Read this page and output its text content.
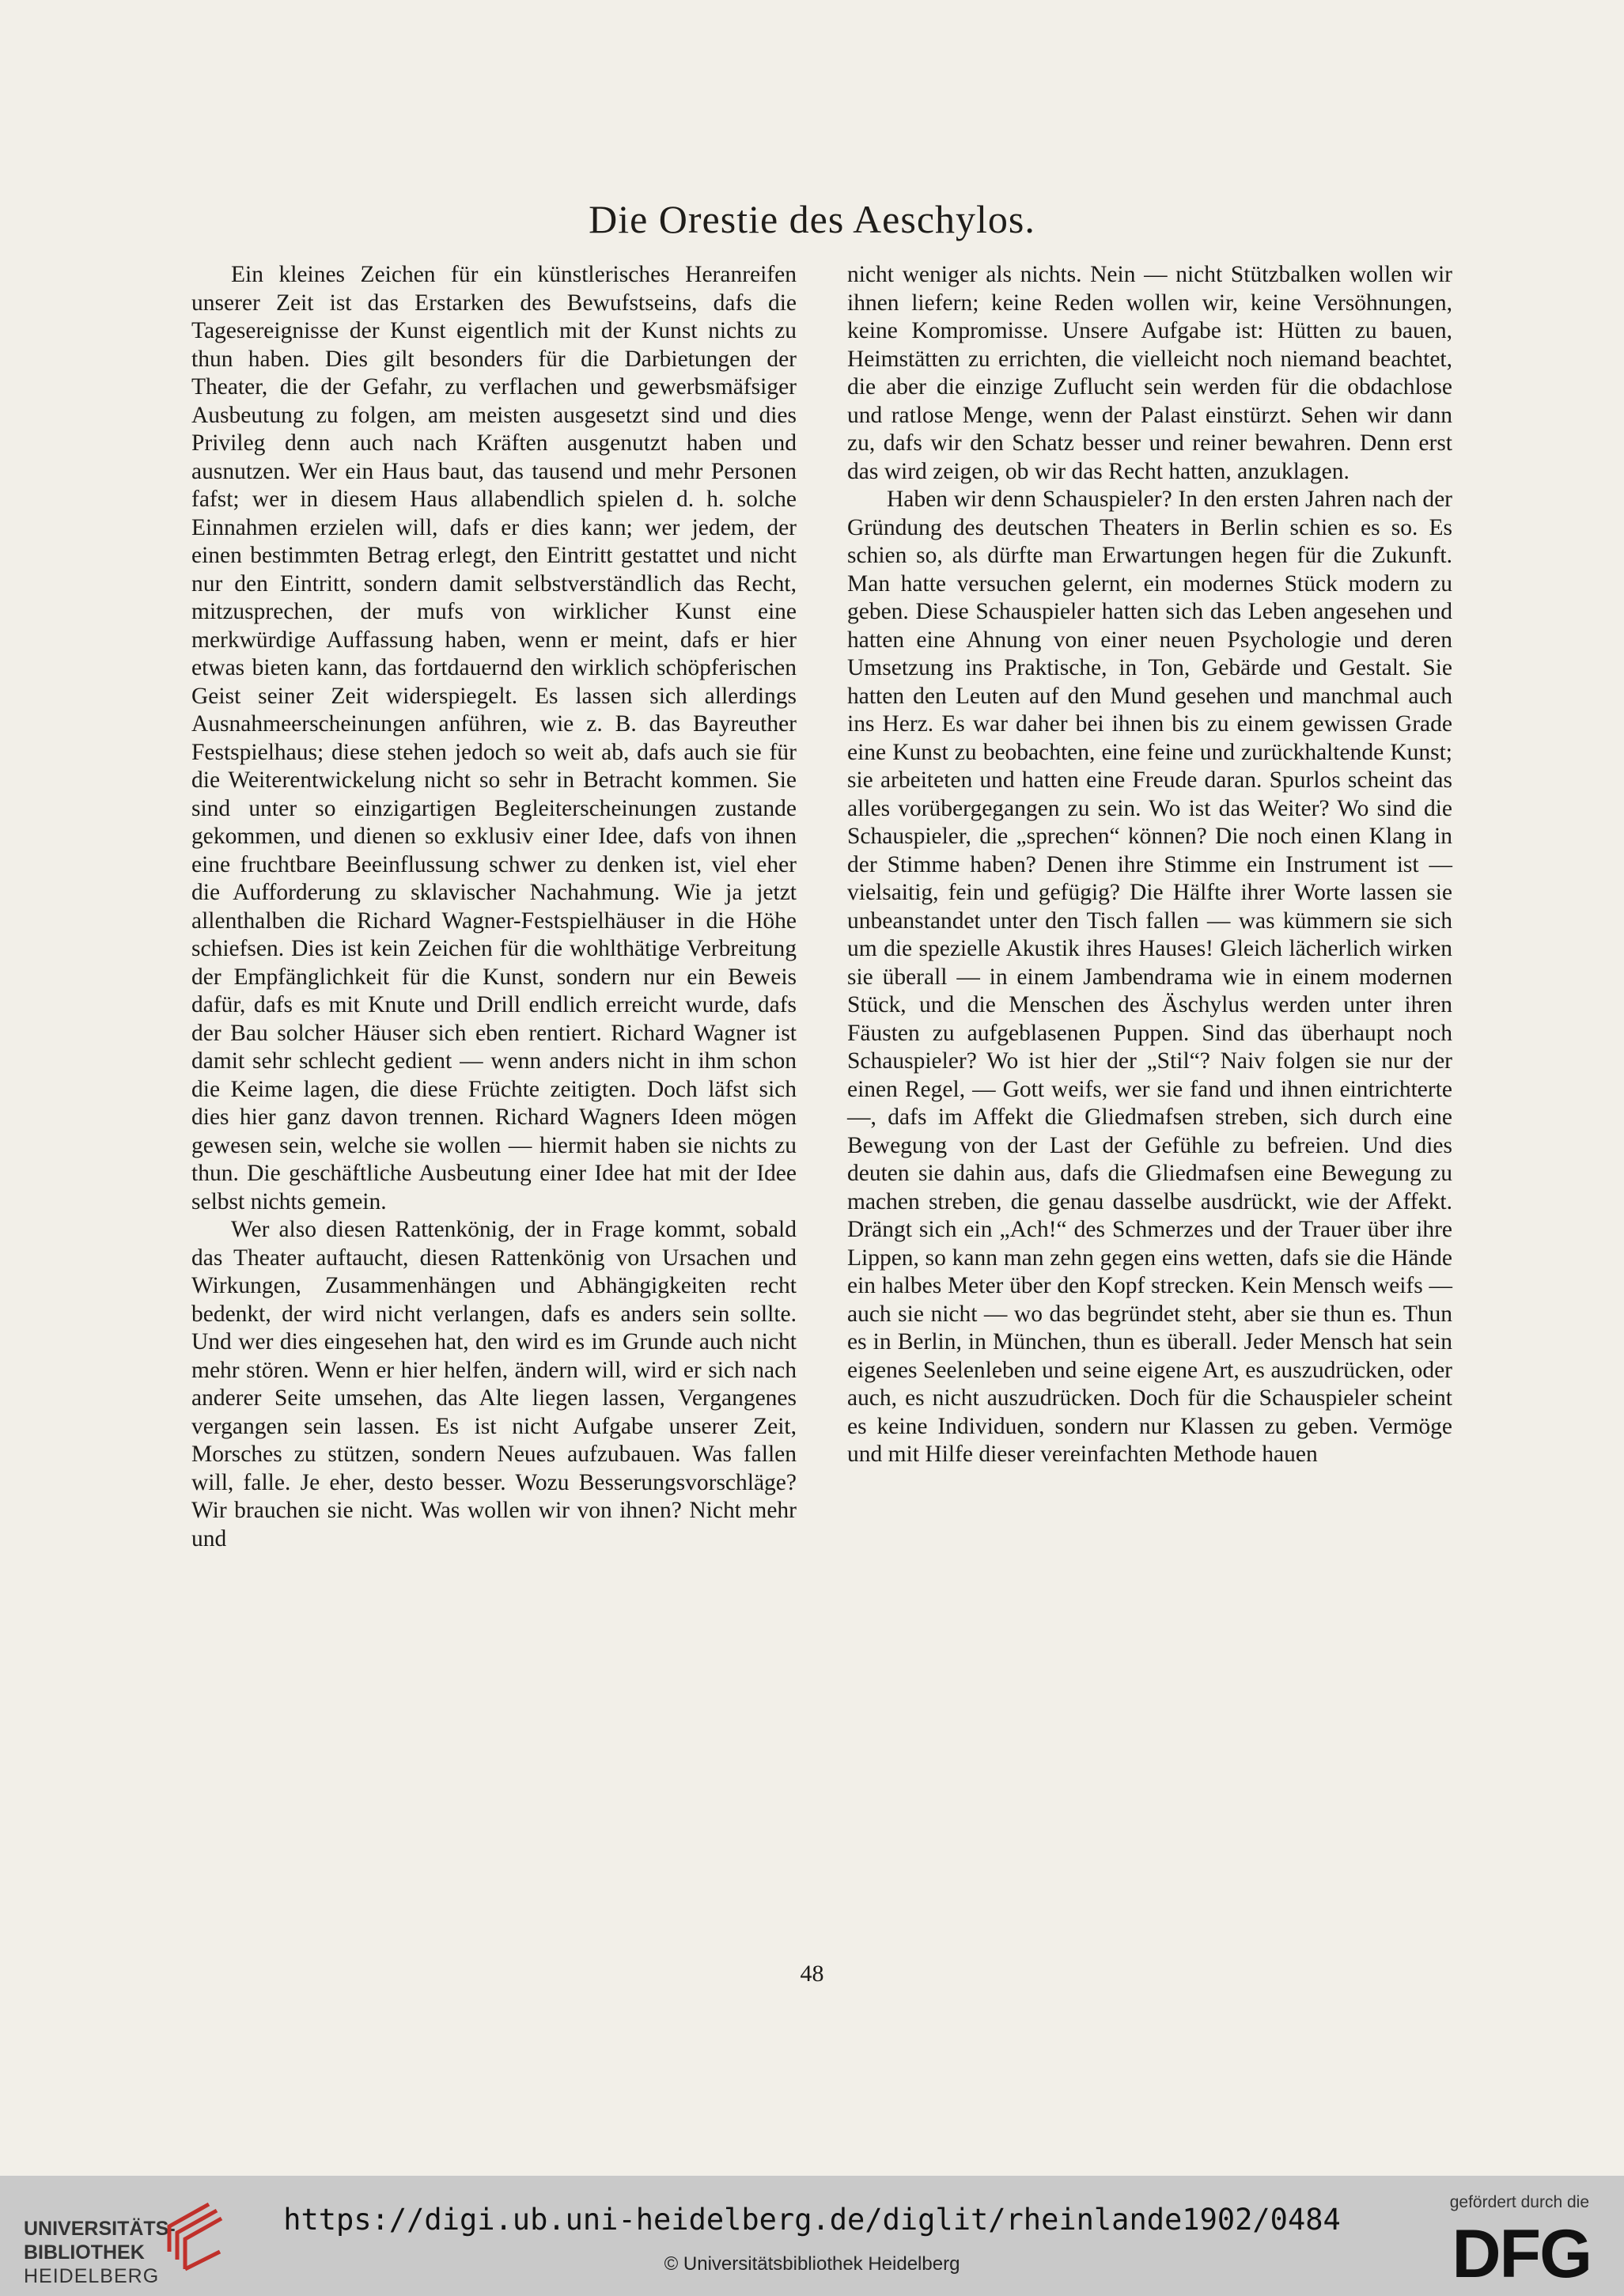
Die Orestie des Aeschylos.

Ein kleines Zeichen für ein künstlerisches Heranreifen unserer Zeit ist das Erstarken des Bewufstseins, dafs die Tagesereignisse der Kunst eigentlich mit der Kunst nichts zu thun haben. Dies gilt besonders für die Darbietungen der Theater, die der Gefahr, zu verflachen und gewerbsmäfsiger Ausbeutung zu folgen, am meisten ausgesetzt sind und dies Privileg denn auch nach Kräften ausgenutzt haben und ausnutzen. Wer ein Haus baut, das tausend und mehr Personen fafst; wer in diesem Haus allabendlich spielen d. h. solche Einnahmen erzielen will, dafs er dies kann; wer jedem, der einen bestimmten Betrag erlegt, den Eintritt gestattet und nicht nur den Eintritt, sondern damit selbstverständlich das Recht, mitzusprechen, der mufs von wirklicher Kunst eine merkwürdige Auffassung haben, wenn er meint, dafs er hier etwas bieten kann, das fortdauernd den wirklich schöpferischen Geist seiner Zeit widerspiegelt. Es lassen sich allerdings Ausnahmeerscheinungen anführen, wie z. B. das Bayreuther Festspielhaus; diese stehen jedoch so weit ab, dafs auch sie für die Weiterentwickelung nicht so sehr in Betracht kommen. Sie sind unter so einzigartigen Begleiterscheinungen zustande gekommen, und dienen so exklusiv einer Idee, dafs von ihnen eine fruchtbare Beeinflussung schwer zu denken ist, viel eher die Aufforderung zu sklavischer Nachahmung. Wie ja jetzt allenthalben die Richard Wagner-Festspielhäuser in die Höhe schiefsen. Dies ist kein Zeichen für die wohlthätige Verbreitung der Empfänglichkeit für die Kunst, sondern nur ein Beweis dafür, dafs es mit Knute und Drill endlich erreicht wurde, dafs der Bau solcher Häuser sich eben rentiert. Richard Wagner ist damit sehr schlecht gedient — wenn anders nicht in ihm schon die Keime lagen, die diese Früchte zeitigten. Doch läfst sich dies hier ganz davon trennen. Richard Wagners Ideen mögen gewesen sein, welche sie wollen — hiermit haben sie nichts zu thun. Die geschäftliche Ausbeutung einer Idee hat mit der Idee selbst nichts gemein.

Wer also diesen Rattenkönig, der in Frage kommt, sobald das Theater auftaucht, diesen Rattenkönig von Ursachen und Wirkungen, Zusammenhängen und Abhängigkeiten recht bedenkt, der wird nicht verlangen, dafs es anders sein sollte. Und wer dies eingesehen hat, den wird es im Grunde auch nicht mehr stören. Wenn er hier helfen, ändern will, wird er sich nach anderer Seite umsehen, das Alte liegen lassen, Vergangenes vergangen sein lassen. Es ist nicht Aufgabe unserer Zeit, Morsches zu stützen, sondern Neues aufzubauen. Was fallen will, falle. Je eher, desto besser. Wozu Besserungsvorschläge? Wir brauchen sie nicht. Was wollen wir von ihnen? Nicht mehr und

nicht weniger als nichts. Nein — nicht Stützbalken wollen wir ihnen liefern; keine Reden wollen wir, keine Versöhnungen, keine Kompromisse. Unsere Aufgabe ist: Hütten zu bauen, Heimstätten zu errichten, die vielleicht noch niemand beachtet, die aber die einzige Zuflucht sein werden für die obdachlose und ratlose Menge, wenn der Palast einstürzt. Sehen wir dann zu, dafs wir den Schatz besser und reiner bewahren. Denn erst das wird zeigen, ob wir das Recht hatten, anzuklagen.

Haben wir denn Schauspieler? In den ersten Jahren nach der Gründung des deutschen Theaters in Berlin schien es so. Es schien so, als dürfte man Erwartungen hegen für die Zukunft. Man hatte versuchen gelernt, ein modernes Stück modern zu geben. Diese Schauspieler hatten sich das Leben angesehen und hatten eine Ahnung von einer neuen Psychologie und deren Umsetzung ins Praktische, in Ton, Gebärde und Gestalt. Sie hatten den Leuten auf den Mund gesehen und manchmal auch ins Herz. Es war daher bei ihnen bis zu einem gewissen Grade eine Kunst zu beobachten, eine feine und zurückhaltende Kunst; sie arbeiteten und hatten eine Freude daran. Spurlos scheint das alles vorübergegangen zu sein. Wo ist das Weiter? Wo sind die Schauspieler, die „sprechen“ können? Die noch einen Klang in der Stimme haben? Denen ihre Stimme ein Instrument ist — vielsaitig, fein und gefügig? Die Hälfte ihrer Worte lassen sie unbeanstandet unter den Tisch fallen — was kümmern sie sich um die spezielle Akustik ihres Hauses! Gleich lächerlich wirken sie überall — in einem Jambendrama wie in einem modernen Stück, und die Menschen des Äschylus werden unter ihren Fäusten zu aufgeblasenen Puppen. Sind das überhaupt noch Schauspieler? Wo ist hier der „Stil“? Naiv folgen sie nur der einen Regel, — Gott weifs, wer sie fand und ihnen eintrichterte —, dafs im Affekt die Gliedmafsen streben, sich durch eine Bewegung von der Last der Gefühle zu befreien. Und dies deuten sie dahin aus, dafs die Gliedmafsen eine Bewegung zu machen streben, die genau dasselbe ausdrückt, wie der Affekt. Drängt sich ein „Ach!“ des Schmerzes und der Trauer über ihre Lippen, so kann man zehn gegen eins wetten, dafs sie die Hände ein halbes Meter über den Kopf strecken. Kein Mensch weifs — auch sie nicht — wo das begründet steht, aber sie thun es. Thun es in Berlin, in München, thun es überall. Jeder Mensch hat sein eigenes Seelenleben und seine eigene Art, es auszudrücken, oder auch, es nicht auszudrücken. Doch für die Schauspieler scheint es keine Individuen, sondern nur Klassen zu geben. Vermöge und mit Hilfe dieser vereinfachten Methode hauen

48
UNIVERSITÄTS-
BIBLIOTHEK
HEIDELBERG
https://digi.ub.uni-heidelberg.de/diglit/rheinlande1902/0484
© Universitätsbibliothek Heidelberg
gefördert durch die
DFG
